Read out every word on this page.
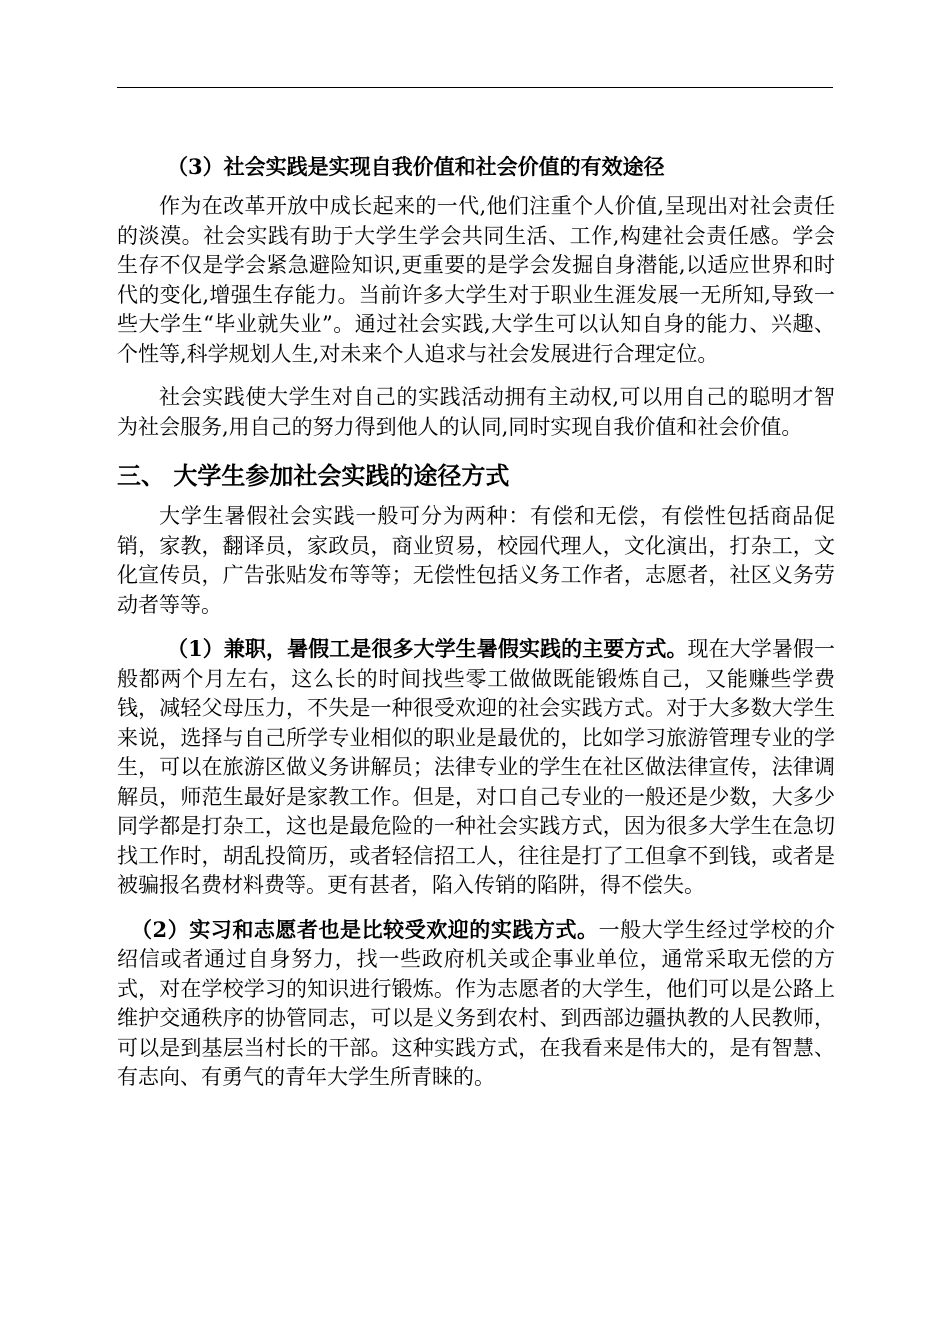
（3）社会实践是实现自我价值和社会价值的有效途径

作为在改革开放中成长起来的一代,他们注重个人价值,呈现出对社会责任的淡漠。社会实践有助于大学生学会共同生活、工作,构建社会责任感。学会生存不仅是学会紧急避险知识,更重要的是学会发掘自身潜能,以适应世界和时代的变化,增强生存能力。当前许多大学生对于职业生涯发展一无所知,导致一些大学生“毕业就失业”。通过社会实践,大学生可以认知自身的能力、兴趣、个性等,科学规划人生,对未来个人追求与社会发展进行合理定位。

社会实践使大学生对自己的实践活动拥有主动权,可以用自己的聪明才智为社会服务,用自己的努力得到他人的认同,同时实现自我价值和社会价值。

三、 大学生参加社会实践的途径方式

大学生暑假社会实践一般可分为两种：有偿和无偿，有偿性包括商品促销，家教，翻译员，家政员，商业贸易，校园代理人，文化演出，打杂工，文化宣传员，广告张贴发布等等；无偿性包括义务工作者，志愿者，社区义务劳动者等等。

（1）兼职，暑假工是很多大学生暑假实践的主要方式。现在大学暑假一般都两个月左右，这么长的时间找些零工做做既能锻炼自己，又能赚些学费钱，减轻父母压力，不失是一种很受欢迎的社会实践方式。对于大多数大学生来说，选择与自己所学专业相似的职业是最优的，比如学习旅游管理专业的学生，可以在旅游区做义务讲解员；法律专业的学生在社区做法律宣传，法律调解员，师范生最好是家教工作。但是，对口自己专业的一般还是少数，大多少同学都是打杂工，这也是最危险的一种社会实践方式，因为很多大学生在急切找工作时，胡乱投简历，或者轻信招工人，往往是打了工但拿不到钱，或者是被骗报名费材料费等。更有甚者，陷入传销的陷阱，得不偿失。

（2）实习和志愿者也是比较受欢迎的实践方式。一般大学生经过学校的介绍信或者通过自身努力，找一些政府机关或企事业单位，通常采取无偿的方式，对在学校学习的知识进行锻炼。作为志愿者的大学生，他们可以是公路上维护交通秩序的协管同志，可以是义务到农村、到西部边疆执教的人民教师，可以是到基层当村长的干部。这种实践方式，在我看来是伟大的，是有智慧、有志向、有勇气的青年大学生所青睐的。
